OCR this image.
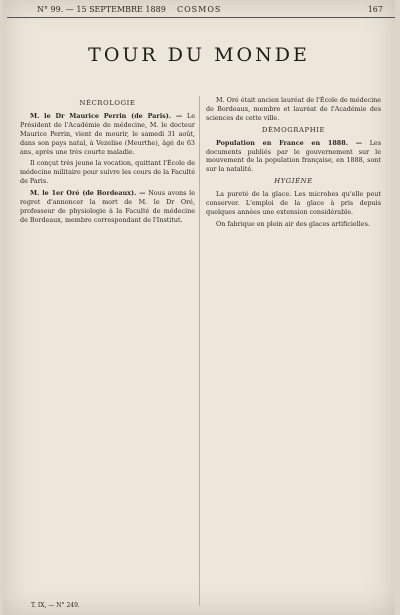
N° 99. — 15 SEPTEMBRE 1889 COSMOS	167
TOUR DU MONDE
NÉCROLOGIE

M. le Dr Maurice Perrin (de Paris). — Le Président de l'Académie de médecine, M. le docteur Maurice Perrin, vient de mourir, le samedi 31 août, dans son pays natal, à Vezelise (Meurthe), âgé de 63 ans, après une très courte maladie.

Il conçut très jeune la vocation, quittant l'École de médecine militaire pour suivre les cours de la Faculté de Paris.

M. le 1er Oré (de Bordeaux). — Nous avons le regret d'annoncer la mort de M. le Dr Oré, professeur de physiologie à la Faculté de médecine de Bordeaux, membre correspondant de l'Institut.

M. Oré était ancien lauréat de l'École de médecine de Bordeaux, membre et lauréat de l'Académie des sciences de cette ville.

DÉMOGRAPHIE

Population en France en 1888. — Les documents publiés par le gouvernement sur le mouvement de la population française, en 1888, sont sur la natalité.

HYGIÈNE

La pureté de la glace. Les microbes qu'elle peut conserver. L'emploi de la glace à pris depuis quelques années une extension considérable.

On fabrique en plein air des glaces artificielles.

T. IX, — N° 249.
